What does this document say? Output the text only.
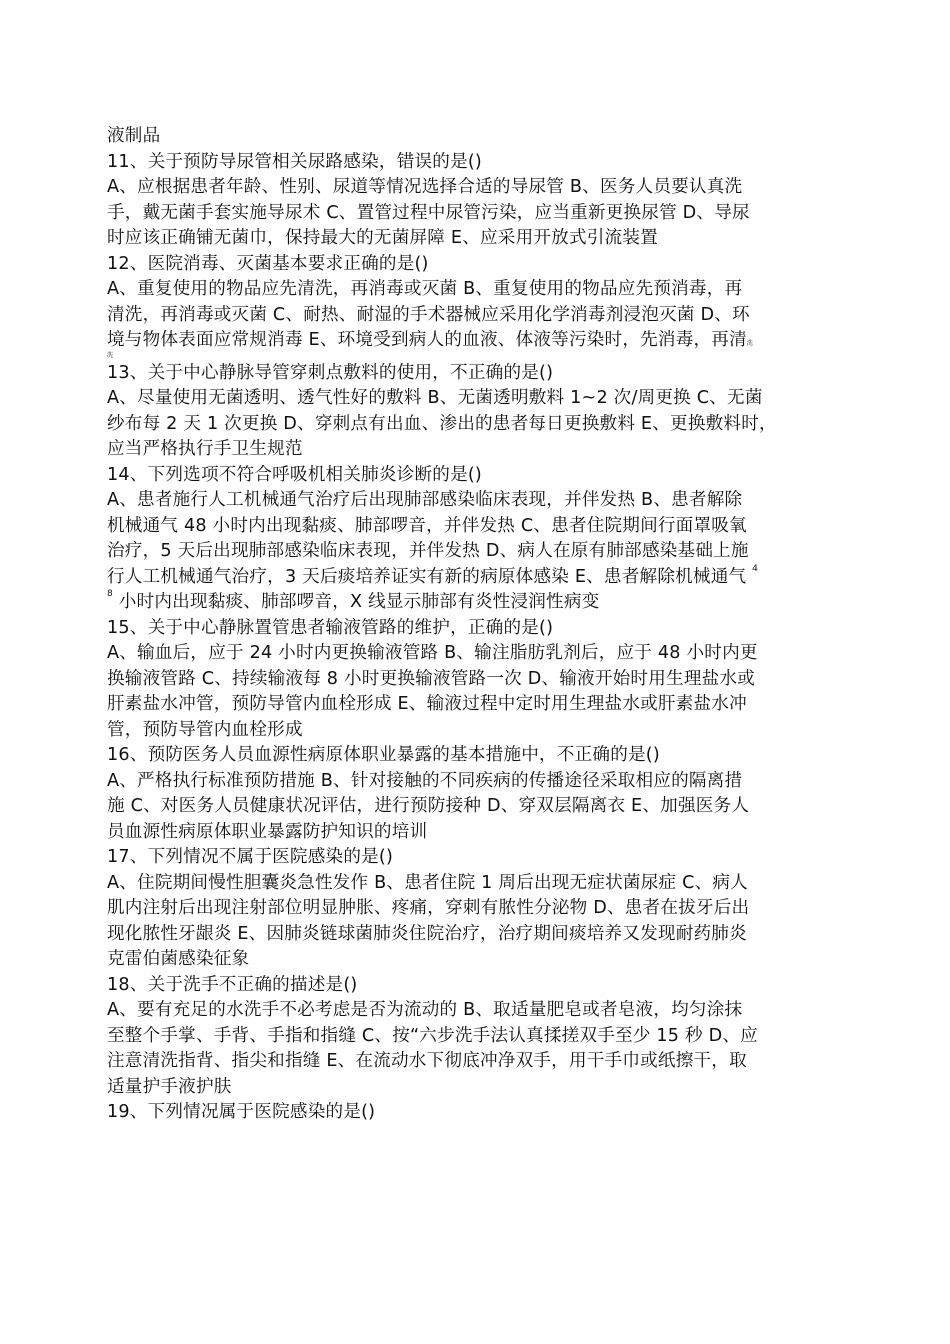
液制品
11、关于预防导尿管相关尿路感染，错误的是()
A、应根据患者年龄、性别、尿道等情况选择合适的导尿管 B、医务人员要认真洗
手，戴无菌手套实施导尿术 C、置管过程中尿管污染，应当重新更换尿管 D、导尿
时应该正确铺无菌巾，保持最大的无菌屏障 E、应采用开放式引流装置
12、医院消毒、灭菌基本要求正确的是()
A、重复使用的物品应先清洗，再消毒或灭菌 B、重复使用的物品应先预消毒，再
清洗，再消毒或灭菌 C、耐热、耐湿的手术器械应采用化学消毒剂浸泡灭菌 D、环
境与物体表面应常规消毒 E、环境受到病人的血液、体液等污染时，先消毒，再清洗
洗
13、关于中心静脉导管穿刺点敷料的使用，不正确的是()
A、尽量使用无菌透明、透气性好的敷料 B、无菌透明敷料 1~2 次/周更换 C、无菌
纱布每 2 天 1 次更换 D、穿刺点有出血、渗出的患者每日更换敷料 E、更换敷料时，
应当严格执行手卫生规范
14、下列选项不符合呼吸机相关肺炎诊断的是()
A、患者施行人工机械通气治疗后出现肺部感染临床表现，并伴发热 B、患者解除
机械通气 48 小时内出现黏痰、肺部啰音，并伴发热 C、患者住院期间行面罩吸氧
治疗，5 天后出现肺部感染临床表现，并伴发热 D、病人在原有肺部感染基础上施
行人工机械通气治疗，3 天后痰培养证实有新的病原体感染 E、患者解除机械通气 $^4$
$^8$ 小时内出现黏痰、肺部啰音，X 线显示肺部有炎性浸润性病变
15、关于中心静脉置管患者输液管路的维护，正确的是()
A、输血后，应于 24 小时内更换输液管路 B、输注脂肪乳剂后，应于 48 小时内更
换输液管路 C、持续输液每 8 小时更换输液管路一次 D、输液开始时用生理盐水或
肝素盐水冲管，预防导管内血栓形成 E、输液过程中定时用生理盐水或肝素盐水冲
管，预防导管内血栓形成
16、预防医务人员血源性病原体职业暴露的基本措施中，不正确的是()
A、严格执行标准预防措施 B、针对接触的不同疾病的传播途径采取相应的隔离措
施 C、对医务人员健康状况评估，进行预防接种 D、穿双层隔离衣 E、加强医务人
员血源性病原体职业暴露防护知识的培训
17、下列情况不属于医院感染的是()
A、住院期间慢性胆囊炎急性发作 B、患者住院 1 周后出现无症状菌尿症 C、病人
肌内注射后出现注射部位明显肿胀、疼痛，穿刺有脓性分泌物 D、患者在拔牙后出
现化脓性牙龈炎 E、因肺炎链球菌肺炎住院治疗，治疗期间痰培养又发现耐药肺炎
克雷伯菌感染征象
18、关于洗手不正确的描述是()
A、要有充足的水洗手不必考虑是否为流动的 B、取适量肥皂或者皂液，均匀涂抹
至整个手掌、手背、手指和指缝 C、按“六步洗手法认真揉搓双手至少 15 秒 D、应
注意清洗指背、指尖和指缝 E、在流动水下彻底冲净双手，用干手巾或纸擦干，取
适量护手液护肤
19、下列情况属于医院感染的是()
